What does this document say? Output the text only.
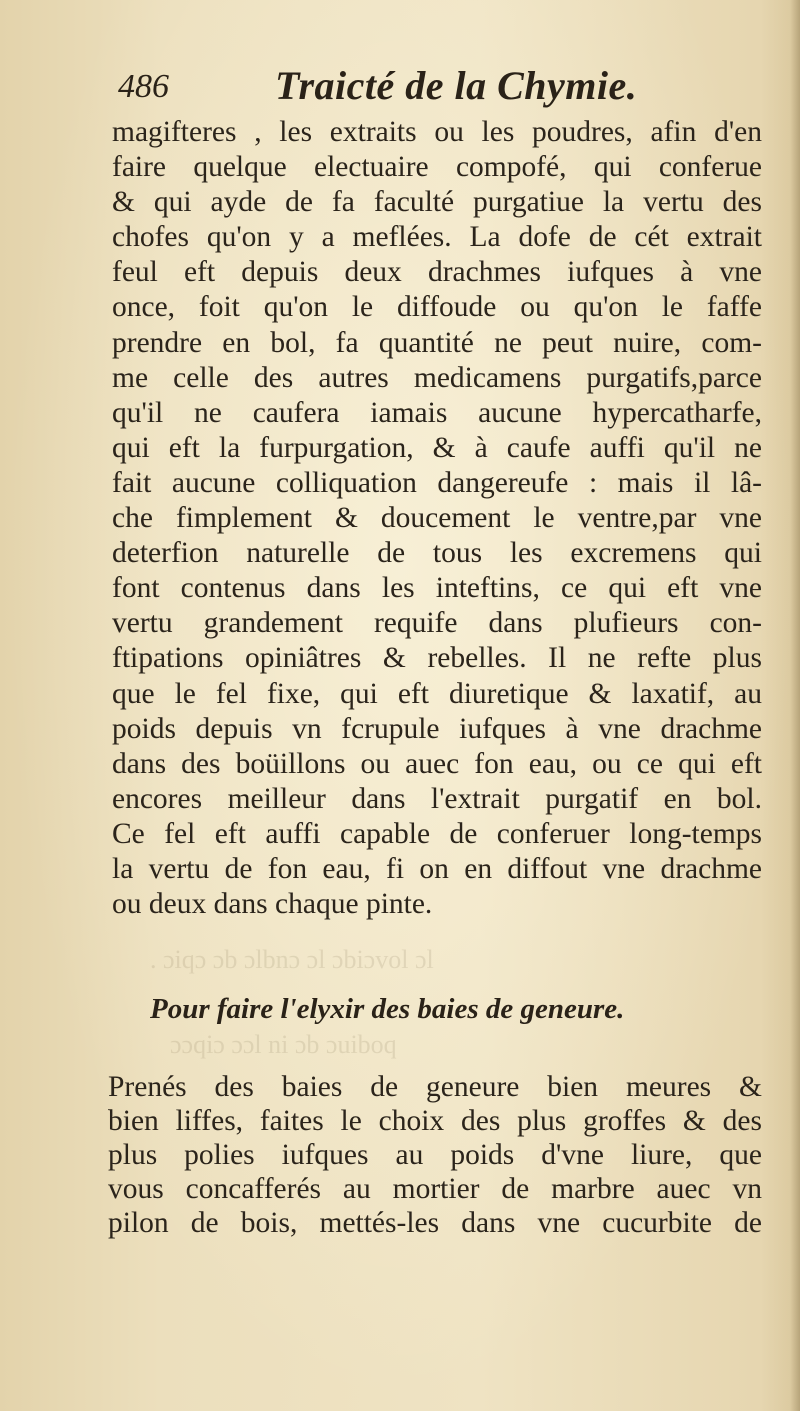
. ɔiqɔ ɔb ɔlbnɔ ɔl ɔbiɔvol ɔl
ɔɔqiɔ ɔɔl ni ɔb ɔuiboq
486	Traicté de la Chymie.
magifteres , les extraits ou les poudres, afin d'en
faire quelque electuaire compofé, qui conferue
& qui ayde de fa faculté purgatiue la vertu des
chofes qu'on y a meflées. La dofe de cét extrait
feul eft depuis deux drachmes iufques à vne
once, foit qu'on le diffoude ou qu'on le faffe
prendre en bol, fa quantité ne peut nuire, com-
me celle des autres medicamens purgatifs,parce
qu'il ne caufera iamais aucune hypercatharfe,
qui eft la furpurgation, & à caufe auffi qu'il ne
fait aucune colliquation dangereufe : mais il lâ-
che fimplement & doucement le ventre,par vne
deterfion naturelle de tous les excremens qui
font contenus dans les inteftins, ce qui eft vne
vertu grandement requife dans plufieurs con-
ftipations opiniâtres & rebelles. Il ne refte plus
que le fel fixe, qui eft diuretique & laxatif, au
poids depuis vn fcrupule iufques à vne drachme
dans des boüillons ou auec fon eau, ou ce qui eft
encores meilleur dans l'extrait purgatif en bol.
Ce fel eft auffi capable de conferuer long-temps
la vertu de fon eau, fi on en diffout vne drachme
ou deux dans chaque pinte.
Pour faire l'elyxir des baies de geneure.
Prenés des baies de geneure bien meures &
bien liffes, faites le choix des plus groffes & des
plus polies iufques au poids d'vne liure, que
vous concafferés au mortier de marbre auec vn
pilon de bois, mettés-les dans vne cucurbite de
